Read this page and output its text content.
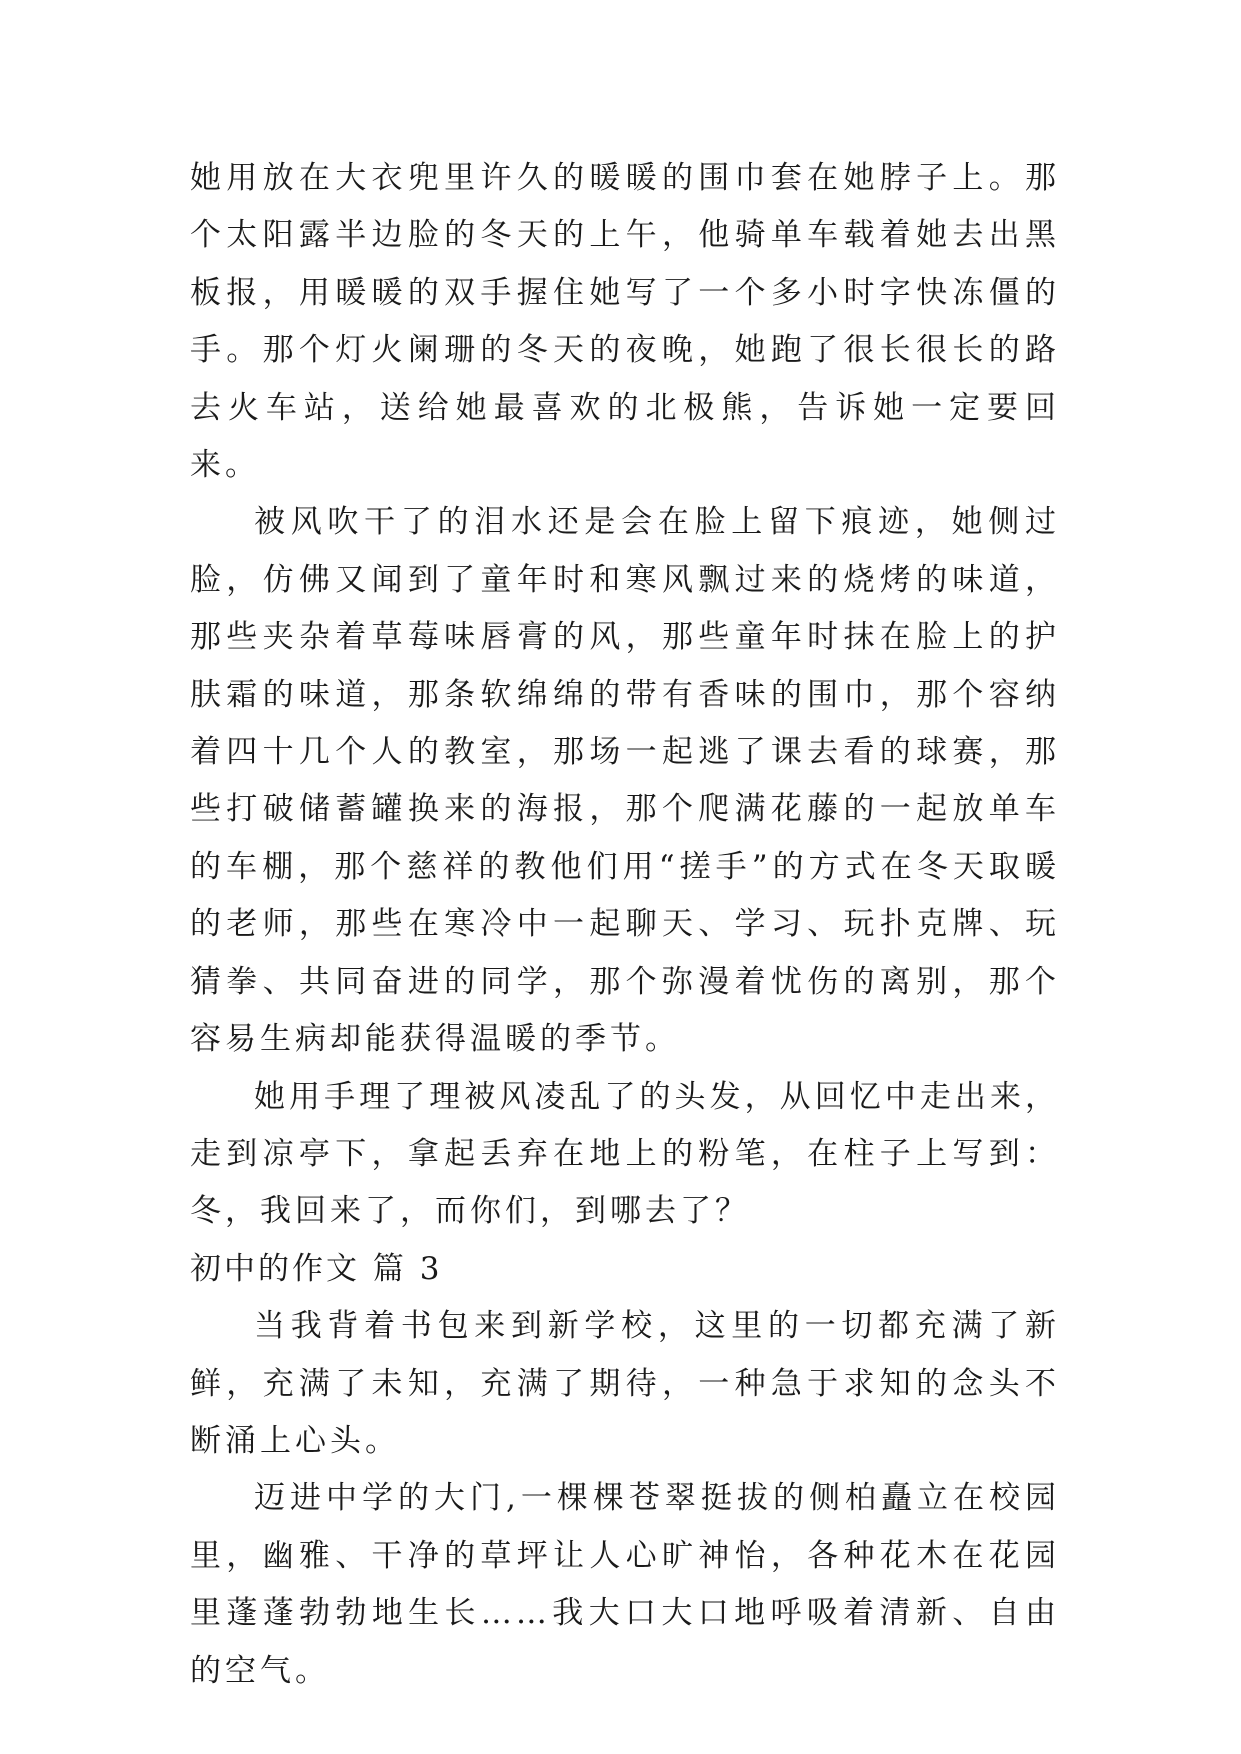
她用放在大衣兜里许久的暖暖的围巾套在她脖子上。那个太阳露半边脸的冬天的上午，他骑单车载着她去出黑板报，用暖暖的双手握住她写了一个多小时字快冻僵的手。那个灯火阑珊的冬天的夜晚，她跑了很长很长的路去火车站，送给她最喜欢的北极熊，告诉她一定要回来。

被风吹干了的泪水还是会在脸上留下痕迹，她侧过脸，仿佛又闻到了童年时和寒风飘过来的烧烤的味道，那些夹杂着草莓味唇膏的风，那些童年时抹在脸上的护肤霜的味道，那条软绵绵的带有香味的围巾，那个容纳着四十几个人的教室，那场一起逃了课去看的球赛，那些打破储蓄罐换来的海报，那个爬满花藤的一起放单车的车棚，那个慈祥的教他们用“搓手”的方式在冬天取暖的老师，那些在寒冷中一起聊天、学习、玩扑克牌、玩猜拳、共同奋进的同学，那个弥漫着忧伤的离别，那个容易生病却能获得温暖的季节。

她用手理了理被风凌乱了的头发，从回忆中走出来，走到凉亭下，拿起丢弃在地上的粉笔，在柱子上写到：冬，我回来了，而你们，到哪去了？

初中的作文 篇 3

当我背着书包来到新学校，这里的一切都充满了新鲜，充满了未知，充满了期待，一种急于求知的念头不断涌上心头。

迈进中学的大门,一棵棵苍翠挺拔的侧柏矗立在校园里，幽雅、干净的草坪让人心旷神怡，各种花木在花园里蓬蓬勃勃地生长……我大口大口地呼吸着清新、自由的空气。
